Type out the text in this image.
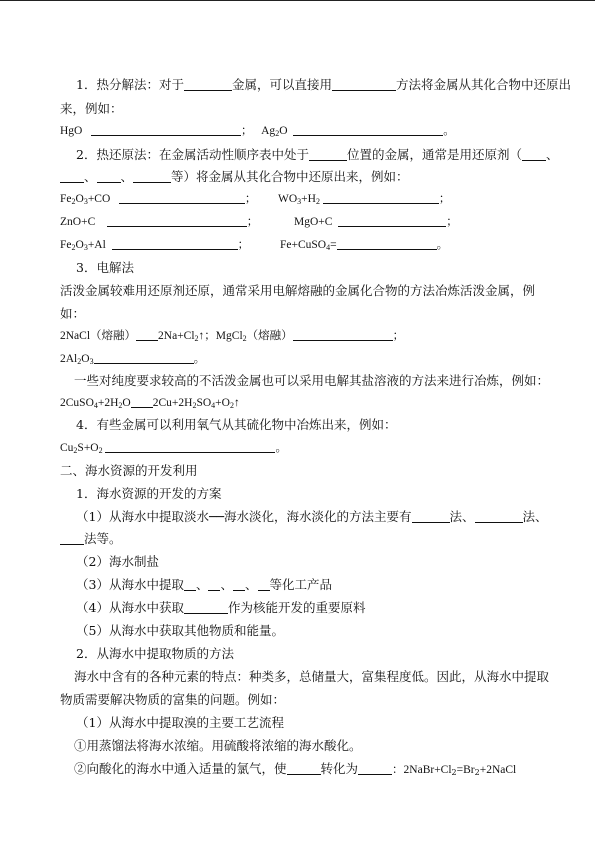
1．热分解法：对于	金属，可以直接用	方法将金属从其化合物中还原出
来，例如：
HgO	；   $Ag_2O$	。
2．热还原法：在金属活动性顺序表中处于	位置的金属，通常是用还原剂（ 、
、 、	等）将金属从其化合物中还原出来，例如：
$Fe_2O_3+CO$	； $WO_3+H_2$	；
ZnO+C	；	MgO+C	；
$Fe_2O_3+Al$	；	Fe+CuSO$_4$=	。
3．电解法
活泼金属较难用还原剂还原，通常采用电解熔融的金属化合物的方法冶炼活泼金属，例
如：
2NaCl（熔融） $2Na+Cl_2↑$；MgCl$_2$（熔融）	；
$2Al_2O_3$	。
一些对纯度要求较高的不活泼金属也可以采用电解其盐溶液的方法来进行冶炼，例如：
$2CuSO_4+2H_2O$ $2Cu+2H_2SO_4+O_2↑$
4．有些金属可以利用氧气从其硫化物中冶炼出来，例如：
$Cu_2S+O_2$	。
二、海水资源的开发利用
1．海水资源的开发的方案
（1）从海水中提取淡水──海水淡化，海水淡化的方法主要有	法、	法、
法等。
（2）海水制盐
（3）从海水中提取 、 、 、 等化工产品
（4）从海水中获取	作为核能开发的重要原料
（5）从海水中获取其他物质和能量。
2．从海水中提取物质的方法
海水中含有的各种元素的特点：种类多，总储量大，富集程度低。因此，从海水中提取
物质需要解决物质的富集的问题。例如：
（1）从海水中提取溴的主要工艺流程
①用蒸馏法将海水浓缩。用硫酸将浓缩的海水酸化。
②向酸化的海水中通入适量的氯气，使	转化为	：$2NaBr+Cl_2=Br_2+2NaCl$
